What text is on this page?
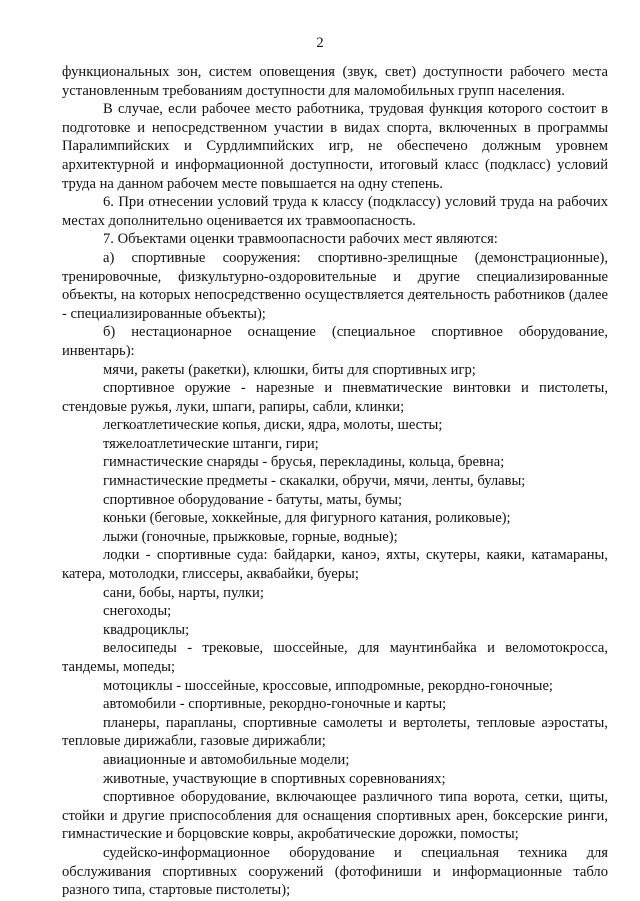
2

функциональных зон, систем оповещения (звук, свет) доступности рабочего места установленным требованиям доступности для маломобильных групп населения.

В случае, если рабочее место работника, трудовая функция которого состоит в подготовке и непосредственном участии в видах спорта, включенных в программы Паралимпийских и Сурдлимпийских игр, не обеспечено должным уровнем архитектурной и информационной доступности, итоговый класс (подкласс) условий труда на данном рабочем месте повышается на одну степень.

6. При отнесении условий труда к классу (подклассу) условий труда на рабочих местах дополнительно оценивается их травмоопасность.

7. Объектами оценки травмоопасности рабочих мест являются:

а) спортивные сооружения: спортивно-зрелищные (демонстрационные), тренировочные, физкультурно-оздоровительные и другие специализированные объекты, на которых непосредственно осуществляется деятельность работников (далее - специализированные объекты);

б) нестационарное оснащение (специальное спортивное оборудование, инвентарь):

мячи, ракеты (ракетки), клюшки, биты для спортивных игр;

спортивное оружие - нарезные и пневматические винтовки и пистолеты, стендовые ружья, луки, шпаги, рапиры, сабли, клинки;

легкоатлетические копья, диски, ядра, молоты, шесты;

тяжелоатлетические штанги, гири;

гимнастические снаряды - брусья, перекладины, кольца, бревна;

гимнастические предметы - скакалки, обручи, мячи, ленты, булавы;

спортивное оборудование - батуты, маты, бумы;

коньки (беговые, хоккейные, для фигурного катания, роликовые);

лыжи (гоночные, прыжковые, горные, водные);

лодки - спортивные суда: байдарки, каноэ, яхты, скутеры, каяки, катамараны, катера, мотолодки, глиссеры, аквабайки, буеры;

сани, бобы, нарты, пулки;

снегоходы;

квадроциклы;

велосипеды - трековые, шоссейные, для маунтинбайка и веломотокросса, тандемы, мопеды;

мотоциклы - шоссейные, кроссовые, ипподромные, рекордно-гоночные;

автомобили - спортивные, рекордно-гоночные и карты;

планеры, парапланы, спортивные самолеты и вертолеты, тепловые аэростаты, тепловые дирижабли, газовые дирижабли;

авиационные и автомобильные модели;

животные, участвующие в спортивных соревнованиях;

спортивное оборудование, включающее различного типа ворота, сетки, щиты, стойки и другие приспособления для оснащения спортивных арен, боксерские ринги, гимнастические и борцовские ковры, акробатические дорожки, помосты;

судейско-информационное оборудование и специальная техника для обслуживания спортивных сооружений (фотофиниши и информационные табло разного типа, стартовые пистолеты);
